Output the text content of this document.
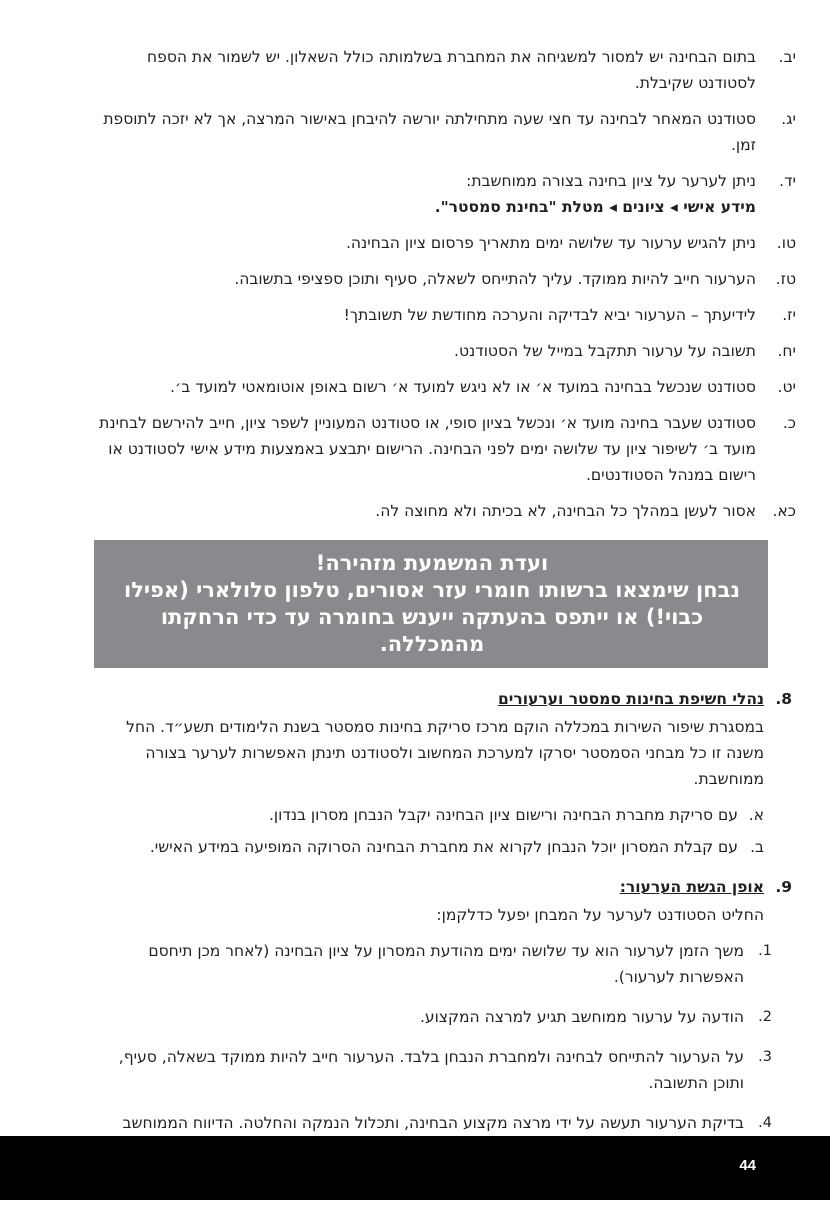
יב.
בתום הבחינה יש למסור למשגיחה את המחברת בשלמותה כולל השאלון. יש לשמור את הספח לסטודנט שקיבלת.
יג.
סטודנט המאחר לבחינה עד חצי שעה מתחילתה יורשה להיבחן באישור המרצה, אך לא יזכה לתוספת זמן.
יד.
ניתן לערער על ציון בחינה בצורה ממוחשבת:
מידע אישי ◂ ציונים ◂ מטלת "בחינת סמסטר".
טו.
ניתן להגיש ערעור עד שלושה ימים מתאריך פרסום ציון הבחינה.
טז.
הערעור חייב להיות ממוקד. עליך להתייחס לשאלה, סעיף ותוכן ספציפי בתשובה.
יז.
לידיעתך – הערעור יביא לבדיקה והערכה מחודשת של תשובתך!
יח.
תשובה על ערעור תתקבל במייל של הסטודנט.
יט.
סטודנט שנכשל בבחינה במועד א׳ או לא ניגש למועד א׳ רשום באופן אוטומאטי למועד ב׳.
כ.
סטודנט שעבר בחינה מועד א׳ ונכשל בציון סופי, או סטודנט המעוניין לשפר ציון, חייב להירשם לבחינת מועד ב׳ לשיפור ציון עד שלושה ימים לפני הבחינה. הרישום יתבצע באמצעות מידע אישי לסטודנט או רישום במנהל הסטודנטים.
כא.
אסור לעשן במהלך כל הבחינה, לא בכיתה ולא מחוצה לה.
ועדת המשמעת מזהירה!
נבחן שימצאו ברשותו חומרי עזר אסורים, טלפון סלולארי (אפילו
כבוי!) או ייתפס בהעתקה ייענש בחומרה עד כדי הרחקתו מהמכללה.
8.
נהלי חשיפת בחינות סמסטר וערעורים
במסגרת שיפור השירות במכללה הוקם מרכז סריקת בחינות סמסטר בשנת הלימודים תשע״ד. החל משנה זו כל מבחני הסמסטר יסרקו למערכת המחשוב ולסטודנט תינתן האפשרות לערער בצורה ממוחשבת.
א.
עם סריקת מחברת הבחינה ורישום ציון הבחינה יקבל הנבחן מסרון בנדון.
ב.
עם קבלת המסרון יוכל הנבחן לקרוא את מחברת הבחינה הסרוקה המופיעה במידע האישי.
9.
אופן הגשת הערעור:
החליט הסטודנט לערער על המבחן יפעל כדלקמן:
1.
משך הזמן לערעור הוא עד שלושה ימים מהודעת המסרון על ציון הבחינה (לאחר מכן תיחסם האפשרות לערעור).
2.
הודעה על ערעור ממוחשב תגיע למרצה המקצוע.
3.
על הערעור להתייחס לבחינה ולמחברת הנבחן בלבד. הערעור חייב להיות ממוקד בשאלה, סעיף, ותוכן התשובה.
4.
בדיקת הערעור תעשה על ידי מרצה מקצוע הבחינה, ותכלול הנמקה והחלטה. הדיווח הממוחשב
44
